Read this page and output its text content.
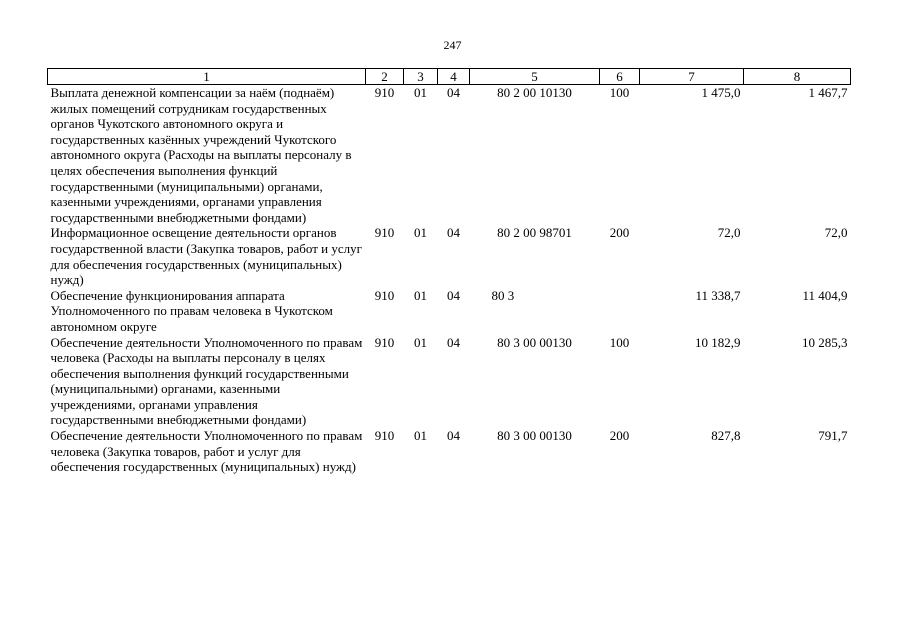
247
1	2	3	4	5	6	7	8
Выплата денежной компенсации за наём (поднаём) жилых помещений сотрудникам государственных органов Чукотского автономного округа и государственных казённых учреждений Чукотского автономного округа (Расходы на выплаты персоналу в целях обеспечения выполнения функций государственными (муниципальными) органами, казенными учреждениями, органами управления государственными внебюджетными фондами)	910	01	04	80 2 00 10130	100	1 475,0	1 467,7
Информационное освещение деятельности органов государственной власти (Закупка товаров, работ и услуг для обеспечения государственных (муниципальных) нужд)	910	01	04	80 2 00 98701	200	72,0	72,0
Обеспечение функционирования аппарата Уполномоченного по правам человека в Чукотском автономном округе	910	01	04	80 3		11 338,7	11 404,9
Обеспечение деятельности Уполномоченного по правам человека (Расходы на выплаты персоналу в целях обеспечения выполнения функций государственными (муниципальными) органами, казенными учреждениями, органами управления государственными внебюджетными фондами)	910	01	04	80 3 00 00130	100	10 182,9	10 285,3
Обеспечение деятельности Уполномоченного по правам человека (Закупка товаров, работ и услуг для обеспечения государственных (муниципальных) нужд)	910	01	04	80 3 00 00130	200	827,8	791,7
